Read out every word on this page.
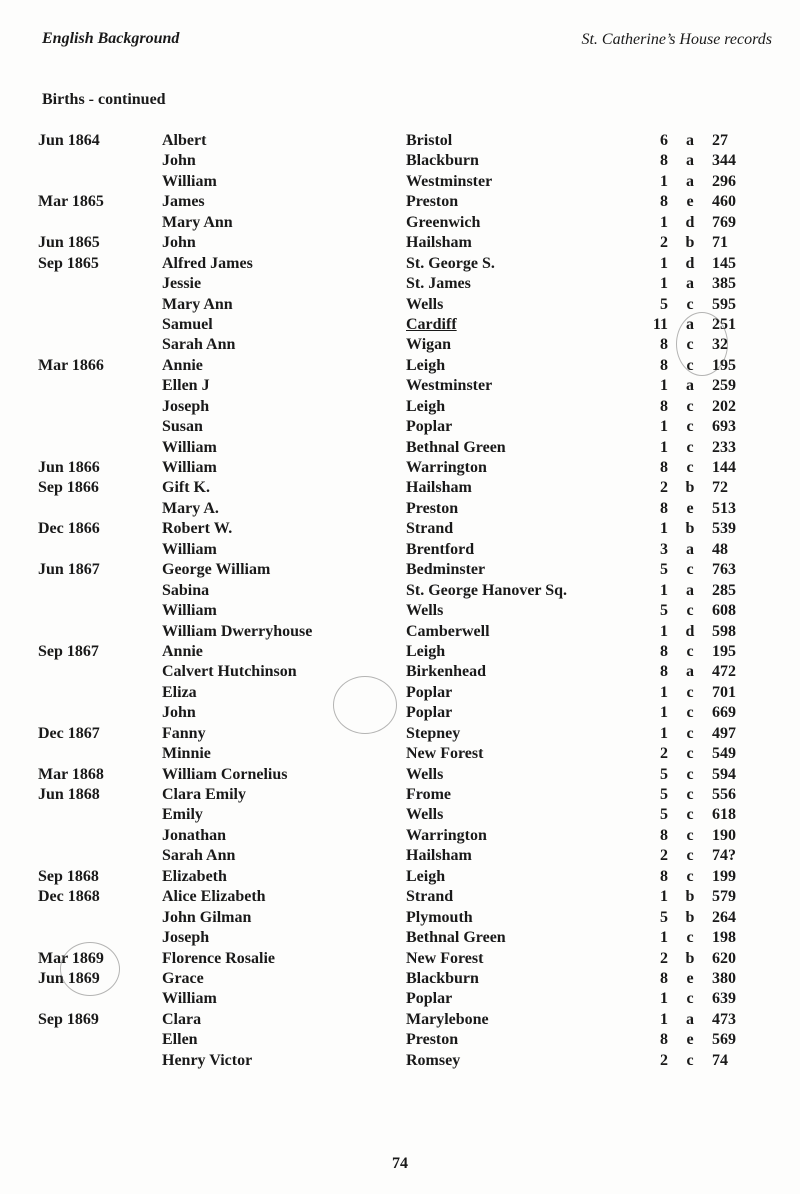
English Background	St. Catherine’s House records
Births - continued
Jun 1864	Albert	Bristol	6 a 27
John	Blackburn	8 a 344
William	Westminster	1 a 296
Mar 1865	James	Preston	8 e 460
Mary Ann	Greenwich	1 d 769
Jun 1865	John	Hailsham	2 b 71
Sep 1865	Alfred James	St. George S.	1 d 145
Jessie	St. James	1 a 385
Mary Ann	Wells	5 c 595
Samuel	Cardiff	11 a 251
Sarah Ann	Wigan	8 c 32
Mar 1866	Annie	Leigh	8 c 195
Ellen J	Westminster	1 a 259
Joseph	Leigh	8 c 202
Susan	Poplar	1 c 693
William	Bethnal Green	1 c 233
Jun 1866	William	Warrington	8 c 144
Sep 1866	Gift K.	Hailsham	2 b 72
Mary A.	Preston	8 e 513
Dec 1866	Robert W.	Strand	1 b 539
William	Brentford	3 a 48
Jun 1867	George William	Bedminster	5 c 763
Sabina	St. George Hanover Sq.	1 a 285
William	Wells	5 c 608
William Dwerryhouse	Camberwell	1 d 598
Sep 1867	Annie	Leigh	8 c 195
Calvert Hutchinson	Birkenhead	8 a 472
Eliza	Poplar	1 c 701
John	Poplar	1 c 669
Dec 1867	Fanny	Stepney	1 c 497
Minnie	New Forest	2 c 549
Mar 1868	William Cornelius	Wells	5 c 594
Jun 1868	Clara Emily	Frome	5 c 556
Emily	Wells	5 c 618
Jonathan	Warrington	8 c 190
Sarah Ann	Hailsham	2 c 74?
Sep 1868	Elizabeth	Leigh	8 c 199
Dec 1868	Alice Elizabeth	Strand	1 b 579
John Gilman	Plymouth	5 b 264
Joseph	Bethnal Green	1 c 198
Mar 1869	Florence Rosalie	New Forest	2 b 620
Jun 1869	Grace	Blackburn	8 e 380
William	Poplar	1 c 639
Sep 1869	Clara	Marylebone	1 a 473
Ellen	Preston	8 e 569
Henry Victor	Romsey	2 c 74
74
